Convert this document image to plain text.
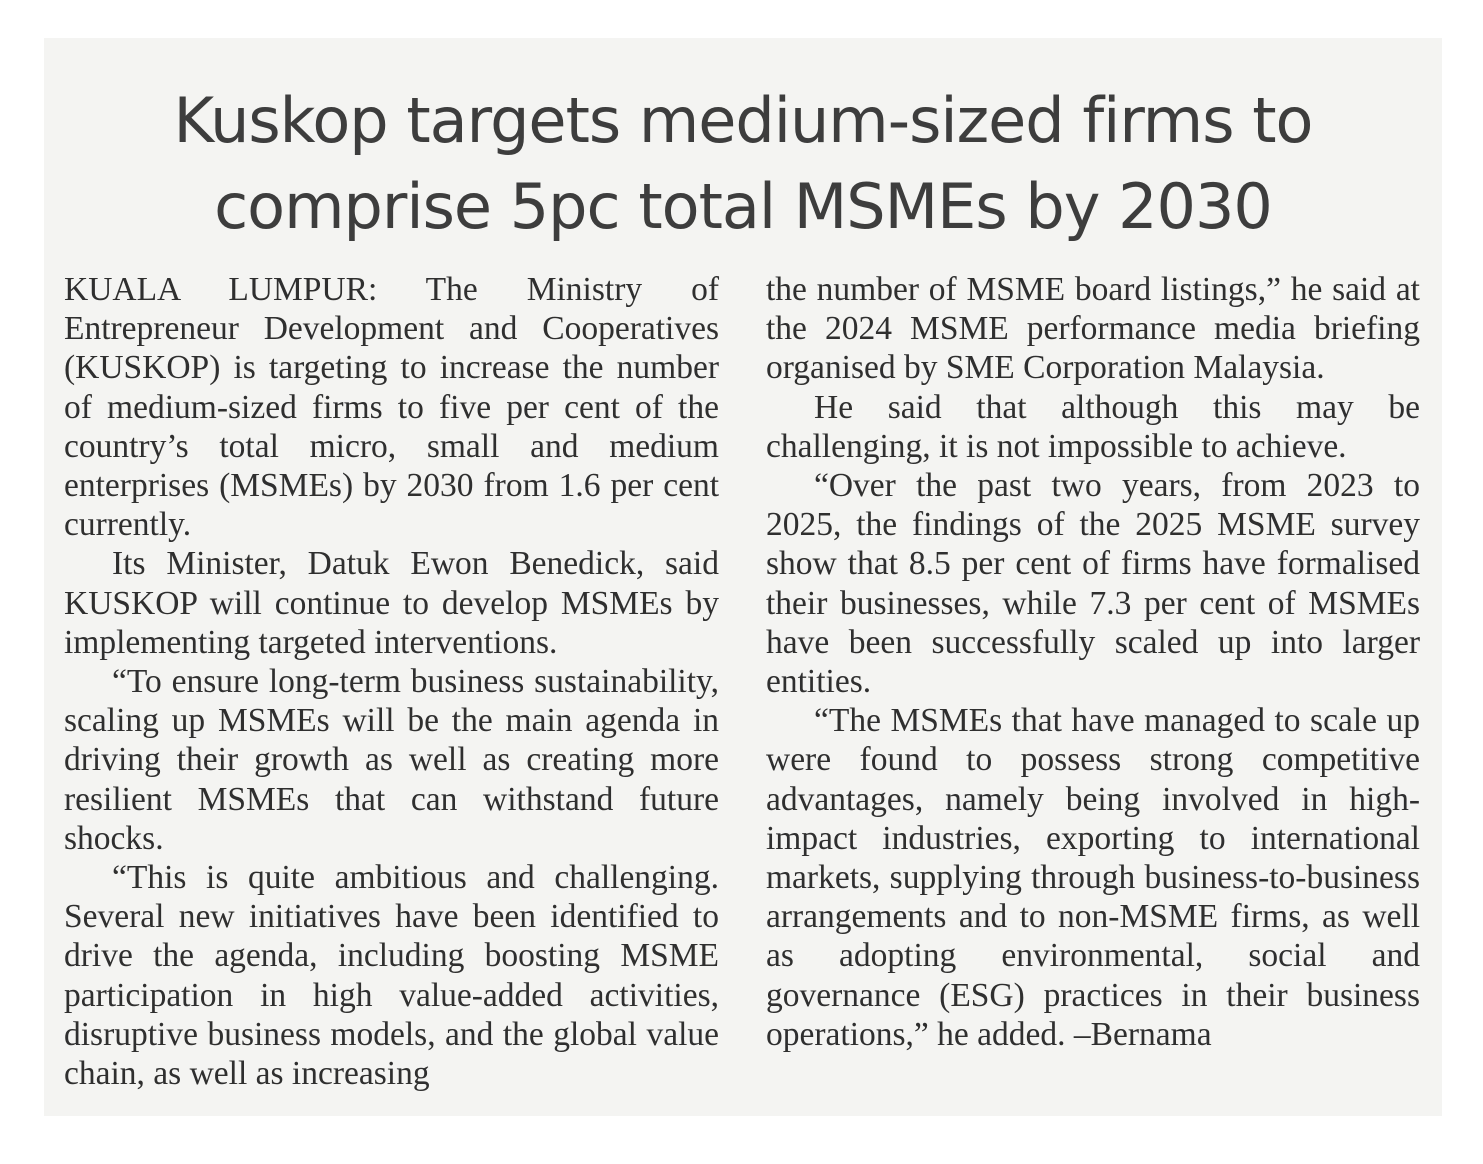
Kuskop targets medium-sized firms to
comprise 5pc total MSMEs by 2030

KUALA LUMPUR: The Ministry of Entrepreneur Development and Cooperatives (KUSKOP) is targeting to increase the number of medium-sized firms to five per cent of the country’s total micro, small and medium enterprises (MSMEs) by 2030 from 1.6 per cent currently.

Its Minister, Datuk Ewon Benedick, said KUSKOP will continue to develop MSMEs by implementing targeted interventions.

“To ensure long-term business sustainability, scaling up MSMEs will be the main agenda in driving their growth as well as creating more resilient MSMEs that can withstand future shocks.

“This is quite ambitious and challenging. Several new initiatives have been identified to drive the agenda, including boosting MSME participation in high value-added activities, disruptive business models, and the global value chain, as well as increasing

the number of MSME board listings,” he said at the 2024 MSME performance media briefing organised by SME Corporation Malaysia.

He said that although this may be challenging, it is not impossible to achieve.

“Over the past two years, from 2023 to 2025, the findings of the 2025 MSME survey show that 8.5 per cent of firms have formalised their businesses, while 7.3 per cent of MSMEs have been successfully scaled up into larger entities.

“The MSMEs that have managed to scale up were found to possess strong competitive advantages, namely being involved in high-impact industries, exporting to international markets, supplying through business-to-business arrangements and to non-MSME firms, as well as adopting environmental, social and governance (ESG) practices in their business operations,” he added. –Bernama
